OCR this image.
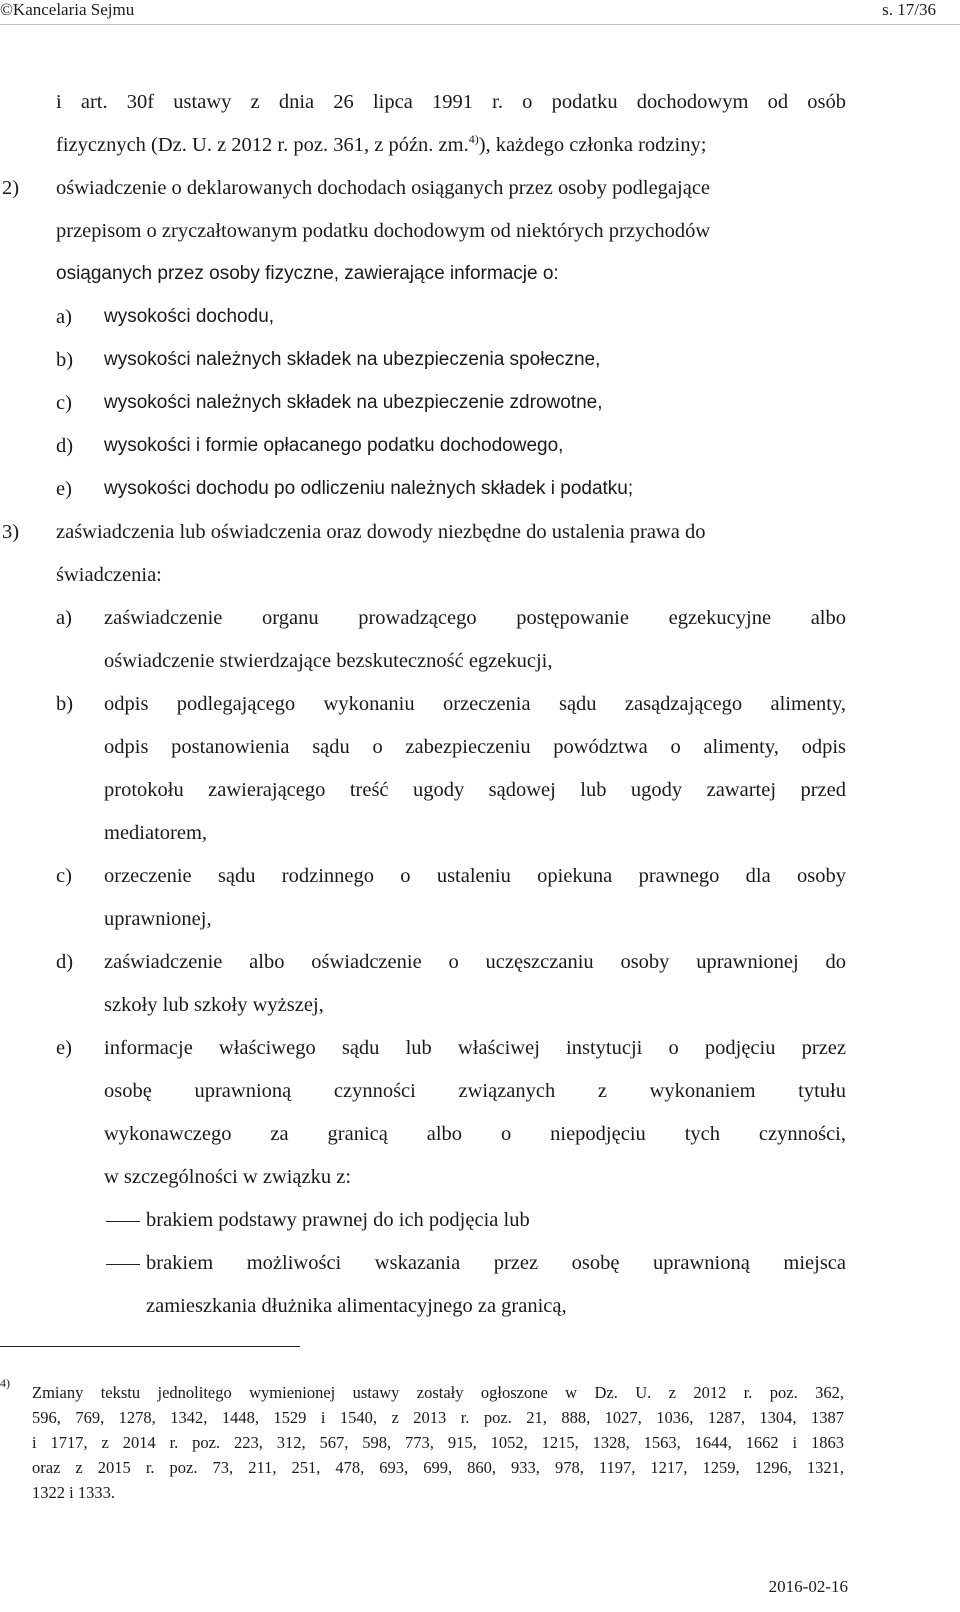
©Kancelaria Sejmu	s. 17/36
i art. 30f ustawy z dnia 26 lipca 1991 r. o podatku dochodowym od osób
fizycznych (Dz. U. z 2012 r. poz. 361, z późn. zm.$^{4)}$), każdego członka rodziny;
2) oświadczenie o deklarowanych dochodach osiąganych przez osoby podlegające
przepisom o zryczałtowanym podatku dochodowym od niektórych przychodów
osiąganych przez osoby fizyczne, zawierające informacje o:
a) wysokości dochodu,
b) wysokości należnych składek na ubezpieczenia społeczne,
c) wysokości należnych składek na ubezpieczenie zdrowotne,
d) wysokości i formie opłacanego podatku dochodowego,
e) wysokości dochodu po odliczeniu należnych składek i podatku;
3) zaświadczenia lub oświadczenia oraz dowody niezbędne do ustalenia prawa do
świadczenia:
a) zaświadczenie organu prowadzącego postępowanie egzekucyjne albo
oświadczenie stwierdzające bezskuteczność egzekucji,
b) odpis podlegającego wykonaniu orzeczenia sądu zasądzającego alimenty,
odpis postanowienia sądu o zabezpieczeniu powództwa o alimenty, odpis
protokołu zawierającego treść ugody sądowej lub ugody zawartej przed
mediatorem,
c) orzeczenie sądu rodzinnego o ustaleniu opiekuna prawnego dla osoby
uprawnionej,
d) zaświadczenie albo oświadczenie o uczęszczaniu osoby uprawnionej do
szkoły lub szkoły wyższej,
e) informacje właściwego sądu lub właściwej instytucji o podjęciu przez
osobę uprawnioną czynności związanych z wykonaniem tytułu
wykonawczego za granicą albo o niepodjęciu tych czynności,
w szczególności w związku z:
brakiem podstawy prawnej do ich podjęcia lub
brakiem możliwości wskazania przez osobę uprawnioną miejsca
zamieszkania dłużnika alimentacyjnego za granicą,
4) Zmiany tekstu jednolitego wymienionej ustawy zostały ogłoszone w Dz. U. z 2012 r. poz. 362,
596, 769, 1278, 1342, 1448, 1529 i 1540, z 2013 r. poz. 21, 888, 1027, 1036, 1287, 1304, 1387
i 1717, z 2014 r. poz. 223, 312, 567, 598, 773, 915, 1052, 1215, 1328, 1563, 1644, 1662 i 1863
oraz z 2015 r. poz. 73, 211, 251, 478, 693, 699, 860, 933, 978, 1197, 1217, 1259, 1296, 1321,
1322 i 1333.
2016-02-16
